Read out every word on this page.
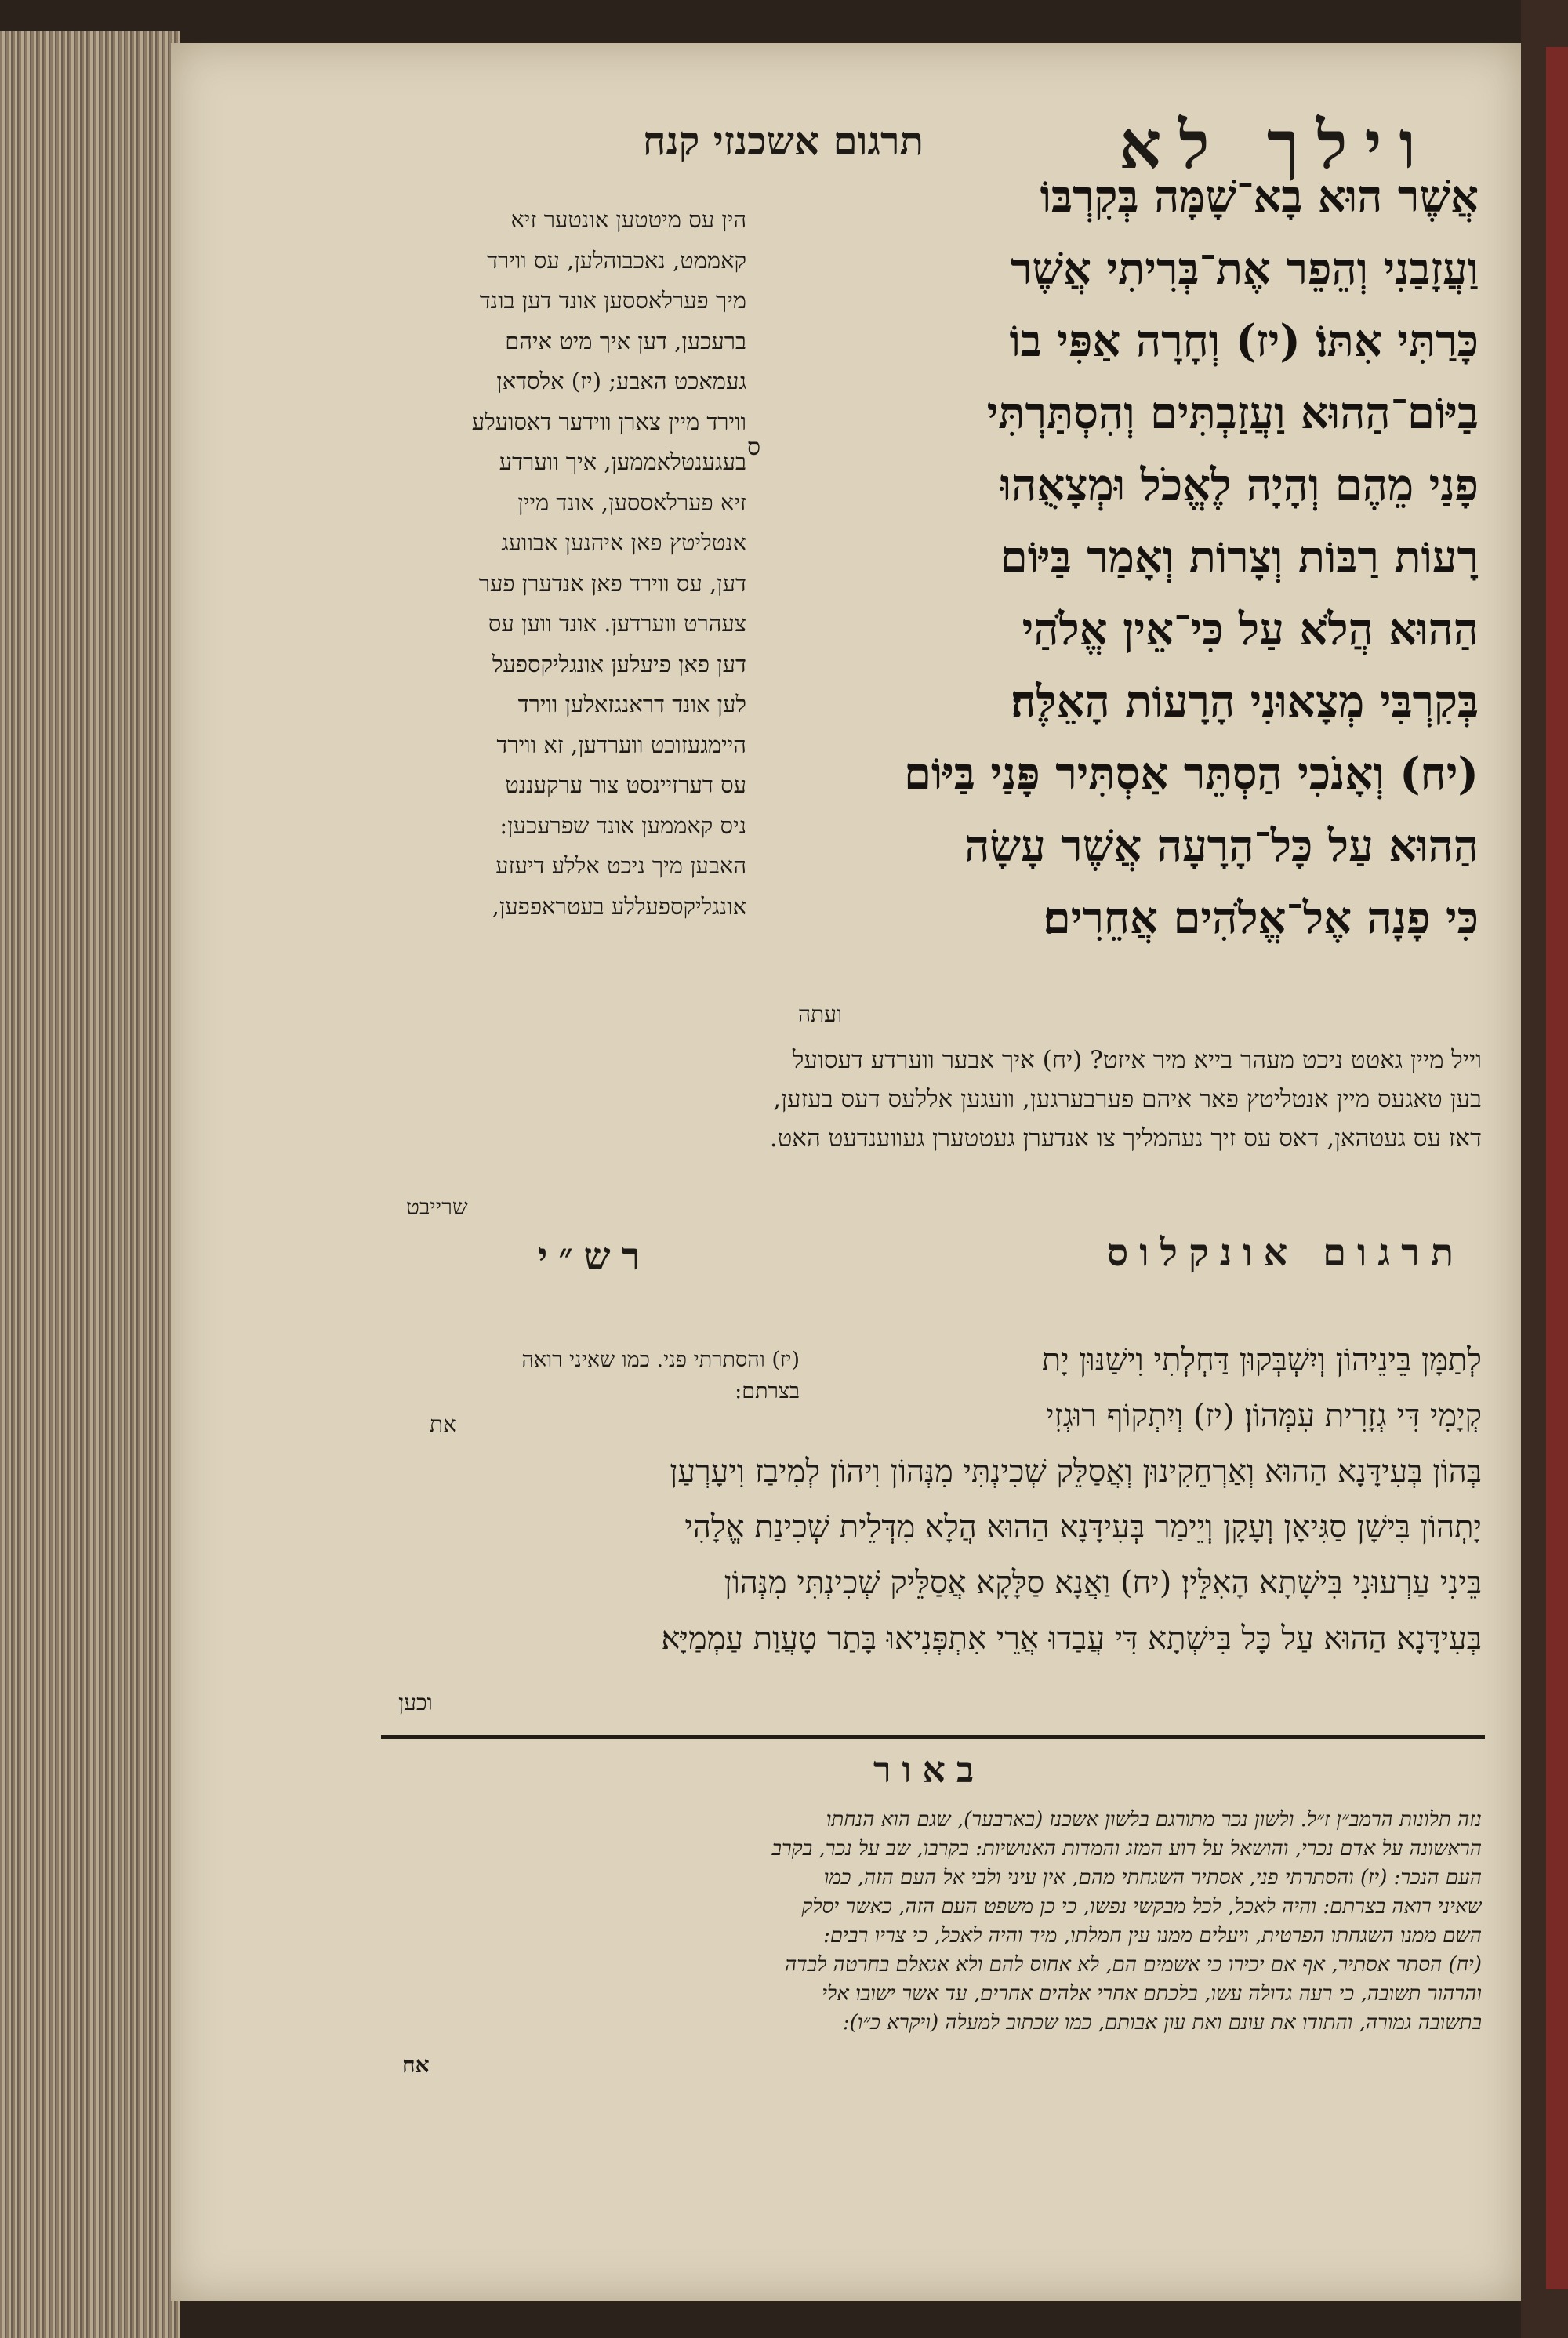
תרגום אשכנזי קנח	וילך לא
אֲשֶׁר הוּא בָא־שָׁמָּה בְּקִרְבּוֹ
וַעֲזָבַנִי וְהֵפֵר אֶת־בְּרִיתִי אֲשֶׁר
כָּרַתִּי אִתּוֹ׃ (יז) וְחָרָה אַפִּי בוֹ
בַיּוֹם־הַהוּא וַעֲזַבְתִּים וְהִסְתַּרְתִּי
פָנַי מֵהֶם וְהָיָה לֶאֱכֹל וּמְצָאֻהוּ
רָעוֹת רַבּוֹת וְצָרוֹת וְאָמַר בַּיּוֹם
הַהוּא הֲלֹא עַל כִּי־אֵין אֱלֹהַי
בְּקִרְבִּי מְצָאוּנִי הָרָעוֹת הָאֵלֶּה׃
(יח) וְאָנֹכִי הַסְתֵּר אַסְתִּיר פָּנַי בַּיּוֹם
הַהוּא עַל כָּל־הָרָעָה אֲשֶׁר עָשָׂה
כִּי פָנָה אֶל־אֱלֹהִים אֲחֵרִים׃
ועתה
ס
הין עס מיטטען אונטער זיא
קאממט, נאכבוהלען, עס ווירד
מיך פערלאססען אונד דען בונד
ברעכען, דען איך מיט איהם
געמאכט האבע; (יז) אלסדאן
ווירד מיין צארן ווידער דאסועלע
בעגענטלאממען, איך ווערדע
זיא פערלאססען, אונד מיין
אנטליטץ פאן איהנען אבוועג
דען, עס ווירד פאן אנדערן פער
צעהרט ווערדען. אונד ווען עס
דען פאן פיעלען אונגליקספעל
לען אונד דראנגזאלען ווירד
היימגעזוכט ווערדען, זא ווירד
עס דערזיינסט צור ערקעננט
ניס קאממען אונד שפרעכען:
האבען מיך ניכט אללע דיעזע
אונגליקספעללע בעטראפפען,
וייל מיין גאטט ניכט מעהר בייא מיר איזט? (יח) איך אבער ווערדע דעסועל
בען טאגעס מיין אנטליטץ פאר איהם פערבערגען, וועגען אללעס דעס בעזען,
דאז עס געטהאן, דאס עס זיך נעהמליך צו אנדערן געטטערן געווענדעט האט.
שרייבט
תרגום אונקלוס
רש״י
לְתַמָּן בֵּינֵיהוֹן וְיִשְׁבְּקוּן דַּחְלְתִי וִישַׁנּוּן יָת
קְיָמִי דִּי גְזָרִית עִמְּהוֹן׃ (יז) וְיִתְקוֹף רוּגְזִי
בְּהוֹן בְּעִידָּנָא הַהוּא וְאַרְחֵקִינוּן וְאֲסַלֵּק שְׁכִינְתִּי מִנְּהוֹן וִיהוֹן לְמִיבַז וִיעָרְעַן
יָתְהוֹן בִּישָׁן סַגִּיאָן וְעָקָן וְיֵימַר בְּעִידָּנָא הַהוּא הֲלָא מִדְּלֵית שְׁכִינַת אֱלָהִי
בֵּינִי עַרְעוּנִי בִּישָׁתָא הָאִלֵּין׃ (יח) וַאֲנָא סַלָּקָא אֲסַלֵּיק שְׁכִינְתִּי מִנְּהוֹן
בְּעִידָּנָא הַהוּא עַל כָּל בִּישְׁתָא דִּי עֲבַדוּ אֲרֵי אִתְפְּנִיאוּ בָּתַר טָעֲוַת עַמְמַיָּא׃
את
וכען
(יז) והסתרתי פני. כמו שאיני רואה
בצרתם:
באור
נזה תלונות הרמב״ן ז״ל. ולשון נכר מתורגם בלשון אשכנז (בארבער), שגם הוא הנחתו
הראשונה על אדם נכרי, והושאל על רוע המזג והמדות האנושיות: בקרבו, שב על נכר, בקרב
העם הנכר: (יז) והסתרתי פני, אסתיר השגחתי מהם, אין עיני ולבי אל העם הזה, כמו
שאיני רואה בצרתם: והיה לאכל, לכל מבקשי נפשו, כי כן משפט העם הזה, כאשר יסלק
השם ממנו השגחתו הפרטית, ויעלים ממנו עין חמלתו, מיד והיה לאכל, כי צריו רבים:
(יח) הסתר אסתיר, אף אם יכירו כי אשמים הם, לא אחוס להם ולא אגאלם בחרטה לבדה
והרהור תשובה, כי רעה גדולה עשו, בלכתם אחרי אלהים אחרים, עד אשר ישובו אלי
בתשובה גמורה, והתודו את עונם ואת עון אבותם, כמו שכתוב למעלה (ויקרא כ״ו):
אח
